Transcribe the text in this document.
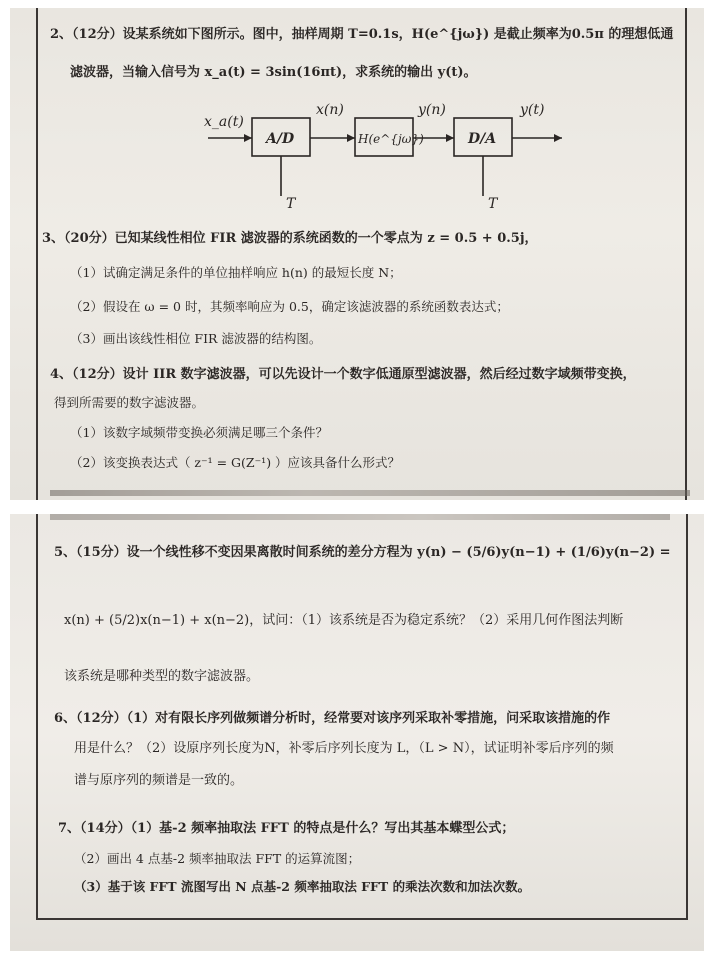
2、（12分）设某系统如下图所示。图中，抽样周期 T=0.1s，H(e^{jω}) 是截止频率为0.5π 的理想低通
滤波器，当输入信号为 x_a(t) = 3sin(16πt)，求系统的输出 y(t)。
x_a(t)
A/D
x(n)
H(e^{jω})
y(n)
D/A
y(t)
T	T
3、（20分）已知某线性相位 FIR 滤波器的系统函数的一个零点为 z = 0.5 + 0.5j，
（1）试确定满足条件的单位抽样响应 h(n) 的最短长度 N；
（2）假设在 ω = 0 时，其频率响应为 0.5，确定该滤波器的系统函数表达式；
（3）画出该线性相位 FIR 滤波器的结构图。
4、（12分）设计 IIR 数字滤波器，可以先设计一个数字低通原型滤波器，然后经过数字域频带变换，
得到所需要的数字滤波器。
（1）该数字域频带变换必须满足哪三个条件？
（2）该变换表达式（ z⁻¹ = G(Z⁻¹) ）应该具备什么形式？
5、（15分）设一个线性移不变因果离散时间系统的差分方程为 y(n) − (5/6)y(n−1) + (1/6)y(n−2) =
x(n) + (5/2)x(n−1) + x(n−2)，试问：（1）该系统是否为稳定系统？（2）采用几何作图法判断
该系统是哪种类型的数字滤波器。
6、（12分）（1）对有限长序列做频谱分析时，经常要对该序列采取补零措施，问采取该措施的作
用是什么？（2）设原序列长度为N，补零后序列长度为 L，（L > N），试证明补零后序列的频
谱与原序列的频谱是一致的。
7、（14分）（1）基-2 频率抽取法 FFT 的特点是什么？写出其基本蝶型公式；
（2）画出 4 点基-2 频率抽取法 FFT 的运算流图；
（3）基于该 FFT 流图写出 N 点基-2 频率抽取法 FFT 的乘法次数和加法次数。
